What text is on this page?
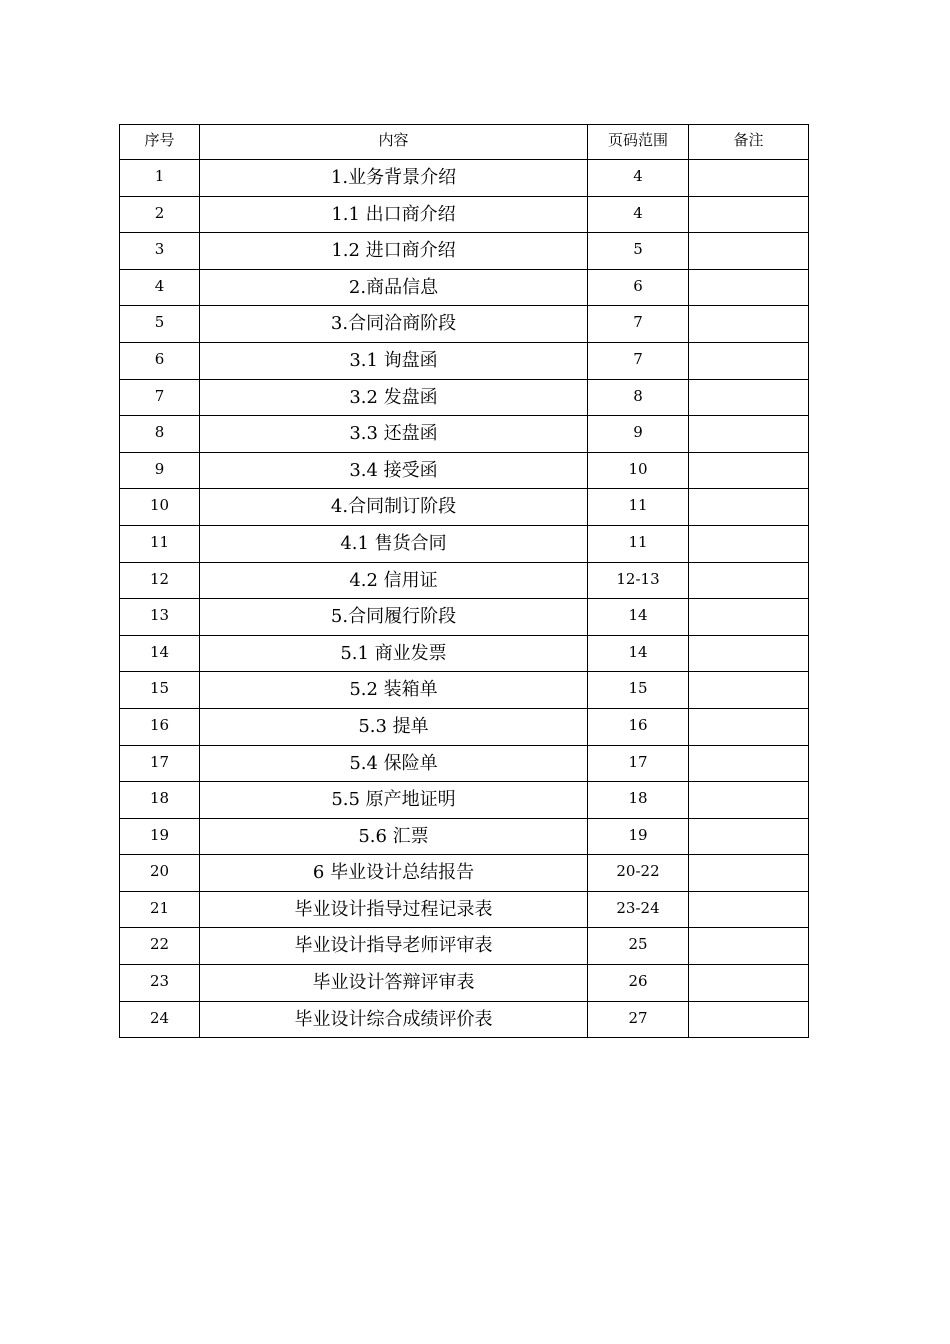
序号	内容	页码范围	备注
1	1.业务背景介绍	4	
2	1.1 出口商介绍	4	
3	1.2 进口商介绍	5	
4	2.商品信息	6	
5	3.合同洽商阶段	7	
6	3.1 询盘函	7	
7	3.2 发盘函	8	
8	3.3 还盘函	9	
9	3.4 接受函	10	
10	4.合同制订阶段	11	
11	4.1 售货合同	11	
12	4.2 信用证	12-13	
13	5.合同履行阶段	14	
14	5.1 商业发票	14	
15	5.2 装箱单	15	
16	5.3 提单	16	
17	5.4 保险单	17	
18	5.5 原产地证明	18	
19	5.6 汇票	19	
20	6 毕业设计总结报告	20-22	
21	毕业设计指导过程记录表	23-24	
22	毕业设计指导老师评审表	25	
23	毕业设计答辩评审表	26	
24	毕业设计综合成绩评价表	27	
